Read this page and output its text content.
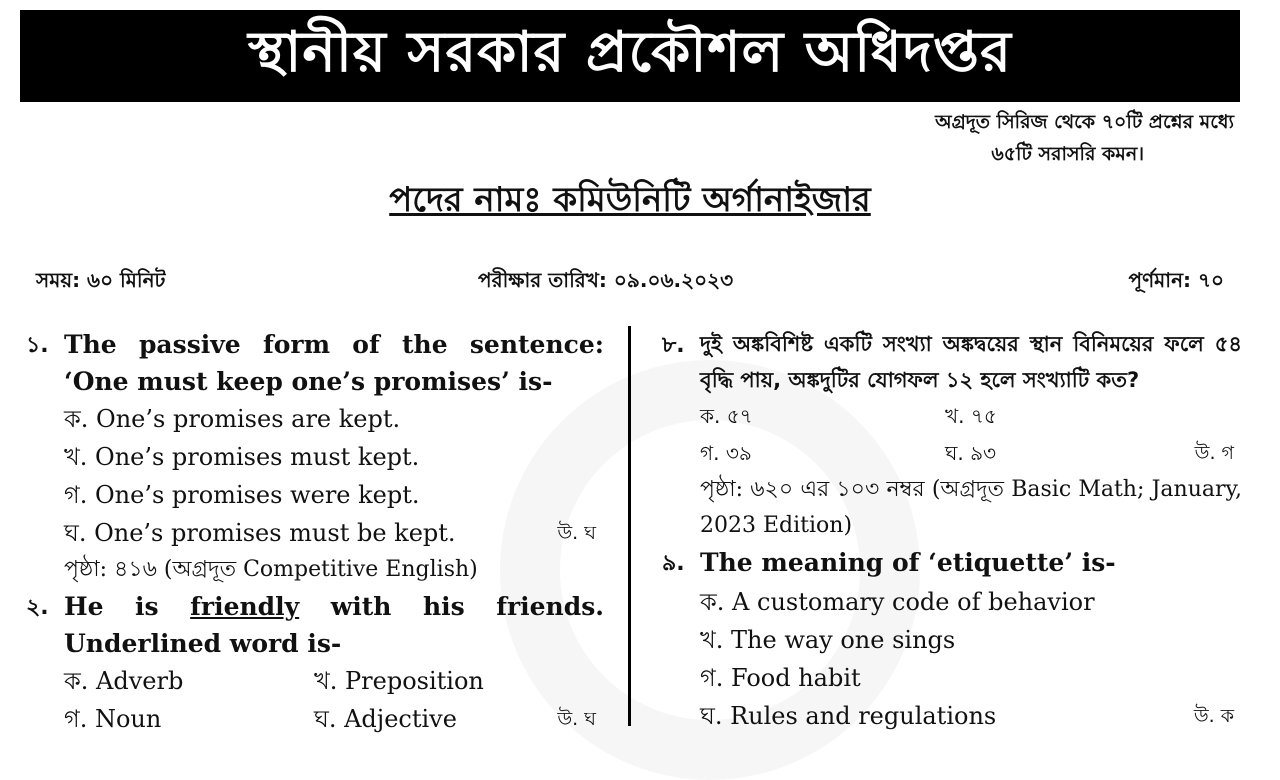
স্থানীয় সরকার প্রকৌশল অধিদপ্তর
অগ্রদূত সিরিজ থেকে ৭০টি প্রশ্নের মধ্যে
৬৫টি সরাসরি কমন।
পদের নামঃ কমিউনিটি অর্গানাইজার
সময়: ৬০ মিনিট	পরীক্ষার তারিখ: ০৯.০৬.২০২৩	পূর্ণমান: ৭০
১. The passive form of the sentence: ‘One must keep one’s promises’ is-
ক. One’s promises are kept.
খ. One’s promises must kept.
গ. One’s promises were kept.
ঘ. One’s promises must be kept.	উ. ঘ
পৃষ্ঠা: ৪১৬ (অগ্রদূত Competitive English)
২. He is friendly with his friends. Underlined word is-
ক. Adverb	খ. Preposition
গ. Noun	ঘ. Adjective	উ. ঘ
৮. দুই অঙ্কবিশিষ্ট একটি সংখ্যা অঙ্কদ্বয়ের স্থান বিনিময়ের ফলে ৫৪ বৃদ্ধি পায়, অঙ্কদুটির যোগফল ১২ হলে সংখ্যাটি কত?
ক. ৫৭	খ. ৭৫
গ. ৩৯	ঘ. ৯৩	উ. গ
পৃষ্ঠা: ৬২০ এর ১০৩ নম্বর (অগ্রদূত Basic Math; January, 2023 Edition)
৯. The meaning of ‘etiquette’ is-
ক. A customary code of behavior
খ. The way one sings
গ. Food habit
ঘ. Rules and regulations	উ. ক
